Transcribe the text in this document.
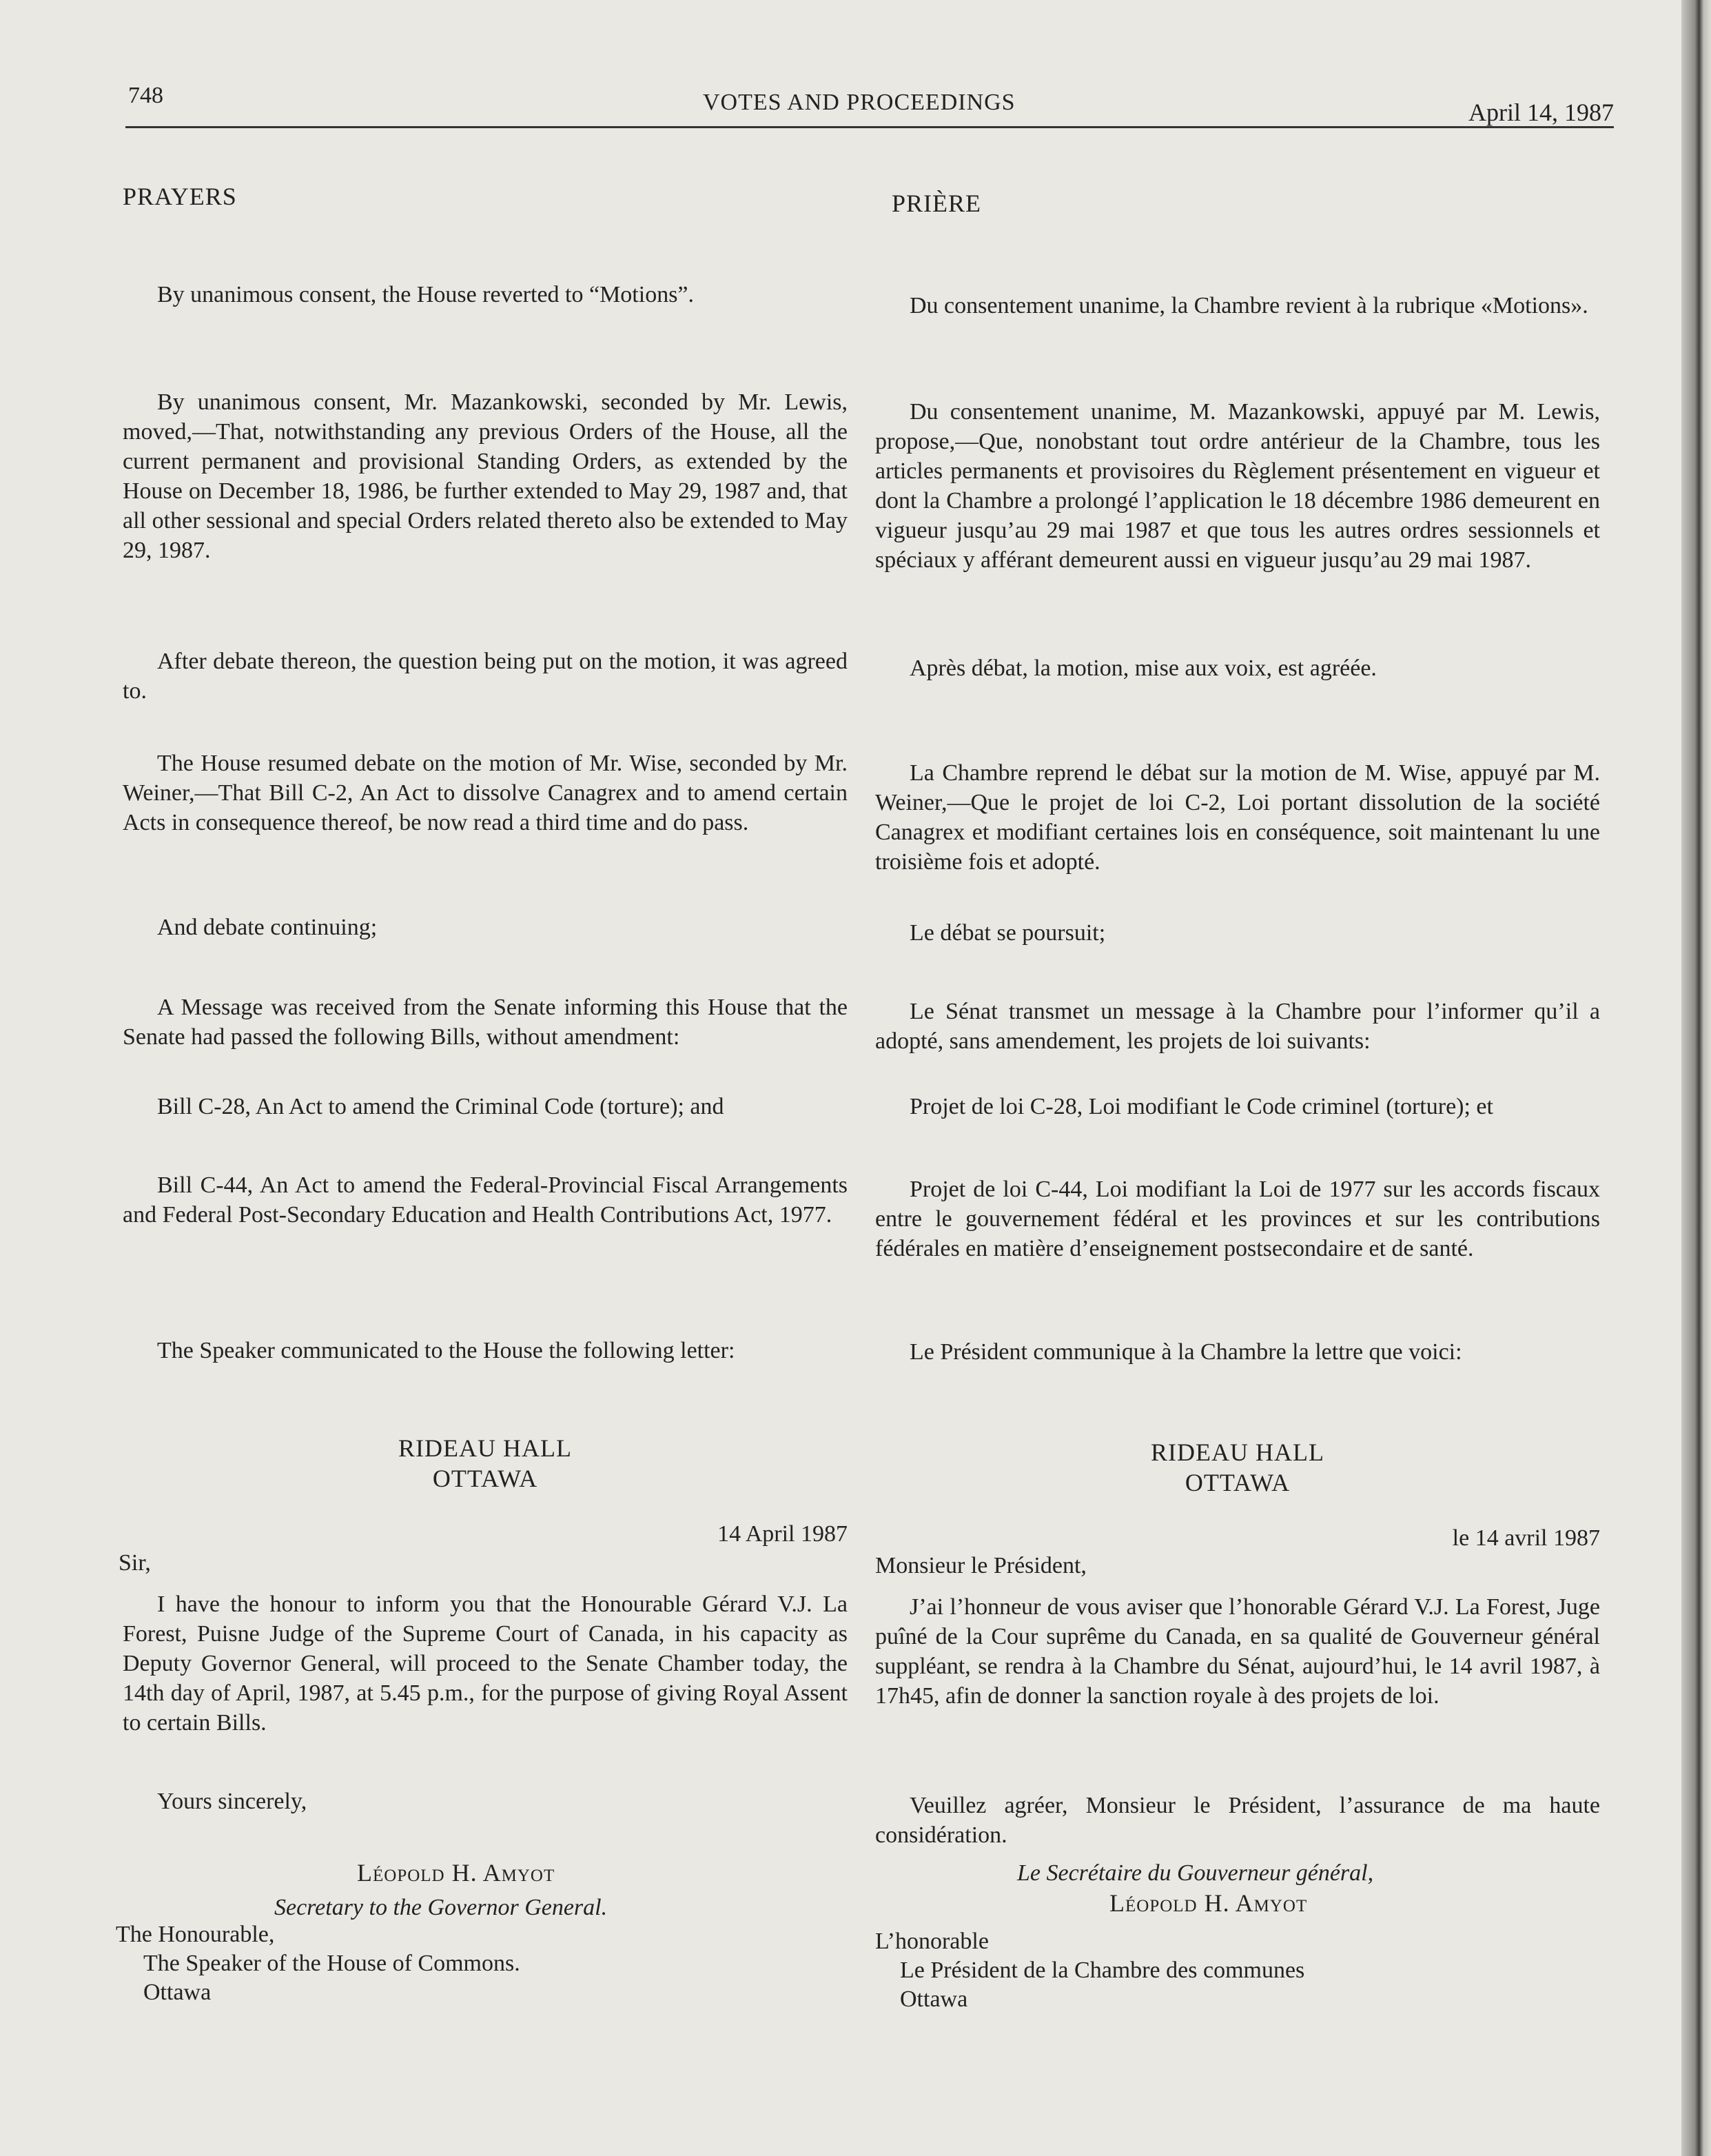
748	VOTES AND PROCEEDINGS	April 14, 1987

PRAYERS

By unanimous consent, the House reverted to “Motions”.

By unanimous consent, Mr. Mazankowski, seconded by Mr. Lewis, moved,—That, notwithstanding any previous Orders of the House, all the current permanent and provisional Standing Orders, as extended by the House on December 18, 1986, be further extended to May 29, 1987 and, that all other sessional and special Orders related thereto also be extended to May 29, 1987.

After debate thereon, the question being put on the motion, it was agreed to.

The House resumed debate on the motion of Mr. Wise, seconded by Mr. Weiner,—That Bill C-2, An Act to dissolve Canagrex and to amend certain Acts in consequence thereof, be now read a third time and do pass.

And debate continuing;

A Message was received from the Senate informing this House that the Senate had passed the following Bills, without amendment:

Bill C-28, An Act to amend the Criminal Code (torture); and

Bill C-44, An Act to amend the Federal-Provincial Fiscal Arrangements and Federal Post-Secondary Education and Health Contributions Act, 1977.

The Speaker communicated to the House the following letter:

RIDEAU HALL

OTTAWA

14 April 1987

Sir,

I have the honour to inform you that the Honourable Gérard V.J. La Forest, Puisne Judge of the Supreme Court of Canada, in his capacity as Deputy Governor General, will proceed to the Senate Chamber today, the 14th day of April, 1987, at 5.45 p.m., for the purpose of giving Royal Assent to certain Bills.

Yours sincerely,

Léopold H. Amyot

Secretary to the Governor General.

The Honourable,
The Speaker of the House of Commons.
Ottawa

PRIÈRE

Du consentement unanime, la Chambre revient à la rubrique «Motions».

Du consentement unanime, M. Mazankowski, appuyé par M. Lewis, propose,—Que, nonobstant tout ordre antérieur de la Chambre, tous les articles permanents et provisoires du Règlement présentement en vigueur et dont la Chambre a prolongé l’application le 18 décembre 1986 demeurent en vigueur jusqu’au 29 mai 1987 et que tous les autres ordres sessionnels et spéciaux y afférant demeurent aussi en vigueur jusqu’au 29 mai 1987.

Après débat, la motion, mise aux voix, est agréée.

La Chambre reprend le débat sur la motion de M. Wise, appuyé par M. Weiner,—Que le projet de loi C-2, Loi portant dissolution de la société Canagrex et modifiant certaines lois en conséquence, soit maintenant lu une troisième fois et adopté.

Le débat se poursuit;

Le Sénat transmet un message à la Chambre pour l’informer qu’il a adopté, sans amendement, les projets de loi suivants:

Projet de loi C-28, Loi modifiant le Code criminel (torture); et

Projet de loi C-44, Loi modifiant la Loi de 1977 sur les accords fiscaux entre le gouvernement fédéral et les provinces et sur les contributions fédérales en matière d’enseignement postsecondaire et de santé.

Le Président communique à la Chambre la lettre que voici:

RIDEAU HALL

OTTAWA

le 14 avril 1987

Monsieur le Président,

J’ai l’honneur de vous aviser que l’honorable Gérard V.J. La Forest, Juge puîné de la Cour suprême du Canada, en sa qualité de Gouverneur général suppléant, se rendra à la Chambre du Sénat, aujourd’hui, le 14 avril 1987, à 17h45, afin de donner la sanction royale à des projets de loi.

Veuillez agréer, Monsieur le Président, l’assurance de ma haute considération.

Le Secrétaire du Gouverneur général,

Léopold H. Amyot

L’honorable
Le Président de la Chambre des communes
Ottawa
